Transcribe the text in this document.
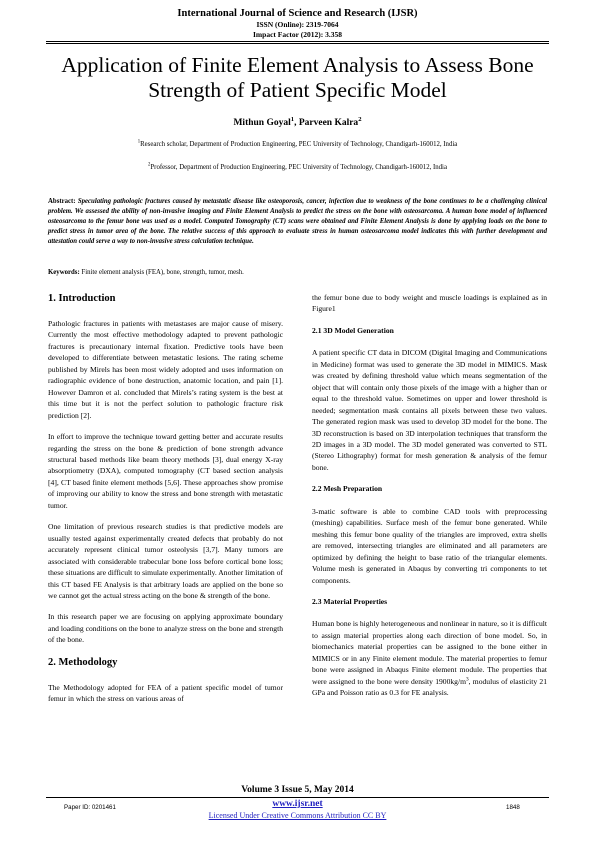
International Journal of Science and Research (IJSR)
ISSN (Online): 2319-7064
Impact Factor (2012): 3.358
Application of Finite Element Analysis to Assess Bone Strength of Patient Specific Model
Mithun Goyal$^1$, Parveen Kalra$^2$
$^1$Research scholar, Department of Production Engineering, PEC University of Technology, Chandigarh-160012, India
$^2$Professor, Department of Production Engineering, PEC University of Technology, Chandigarh-160012, India
Abstract: Speculating pathologic fractures caused by metastatic disease like osteoporosis, cancer, infection due to weakness of the bone continues to be a challenging clinical problem. We assessed the ability of non-invasive imaging and Finite Element Analysis to predict the stress on the bone with osteosarcoma. A human bone model of influenced osteosarcoma to the femur bone was used as a model. Computed Tomography (CT) scans were obtained and Finite Element Analysis is done by applying loads on the bone to predict stress in tumor area of the bone. The relative success of this approach to evaluate stress in human osteosarcoma model indicates this with further development and attestation could serve a way to non-invasive stress calculation technique.
Keywords: Finite element analysis (FEA), bone, strength, tumor, mesh.
1. Introduction

Pathologic fractures in patients with metastases are major cause of misery. Currently the most effective methodology adapted to prevent pathologic fractures is precautionary internal fixation. Predictive tools have been developed to differentiate between metastatic lesions. The rating scheme published by Mirels has been most widely adopted and uses information on radiographic evidence of bone destruction, anatomic location, and pain [1]. However Damron et al. concluded that Mirels’s rating system is the best at this time but it is not the perfect solution to pathologic fracture risk prediction [2].

In effort to improve the technique toward getting better and accurate results regarding the stress on the bone & prediction of bone strength advance structural based methods like beam theory methods [3], dual energy X-ray absorptiometry (DXA), computed tomography (CT based section analysis [4], CT based finite element methods [5,6]. These approaches show promise of improving our ability to know the stress and bone strength with metastatic tumor.

One limitation of previous research studies is that predictive models are usually tested against experimentally created defects that probably do not accurately represent clinical tumor osteolysis [3,7]. Many tumors are associated with considerable trabecular bone loss before cortical bone loss; these situations are difficult to simulate experimentally. Another limitation of this CT based FE Analysis is that arbitrary loads are applied on the bone so we cannot get the actual stress acting on the bone & strength of the bone.

In this research paper we are focusing on applying approximate boundary and loading conditions on the bone to analyze stress on the bone and strength of the bone.

2. Methodology

The Methodology adopted for FEA of a patient specific model of tumor femur in which the stress on various areas of

the femur bone due to body weight and muscle loadings is explained as in Figure1

2.1 3D Model Generation

A patient specific CT data in DICOM (Digital Imaging and Communications in Medicine) format was used to generate the 3D model in MIMICS. Mask was created by defining threshold value which means segmentation of the object that will contain only those pixels of the image with a higher than or equal to the threshold value. Sometimes on upper and lower threshold is needed; segmentation mask contains all pixels between these two values. The generated region mask was used to develop 3D model for the bone. The 3D reconstruction is based on 3D interpolation techniques that transform the 2D images in a 3D model. The 3D model generated was converted to STL (Stereo Lithography) format for mesh generation & analysis of the femur bone.

2.2 Mesh Preparation

3-matic software is able to combine CAD tools with preprocessing (meshing) capabilities. Surface mesh of the femur bone generated. While meshing this femur bone quality of the triangles are improved, extra shells are removed, intersecting triangles are eliminated and all parameters are optimized by defining the height to base ratio of the triangular elements. Volume mesh is generated in Abaqus by converting tri components to tet components.

2.3 Material Properties

Human bone is highly heterogeneous and nonlinear in nature, so it is difficult to assign material properties along each direction of bone model. So, in biomechanics material properties can be assigned to the bone either in MIMICS or in any Finite element module. The material properties to femur bone were assigned in Abaqus Finite element module. The properties that were assigned to the bone were density $1900kg/m^3$, modulus of elasticity 21 GPa and Poisson ratio as 0.3 for FE analysis.

Volume 3 Issue 5, May 2014
www.ijsr.net
Licensed Under Creative Commons Attribution CC BY
Paper ID: 0201461	1848
